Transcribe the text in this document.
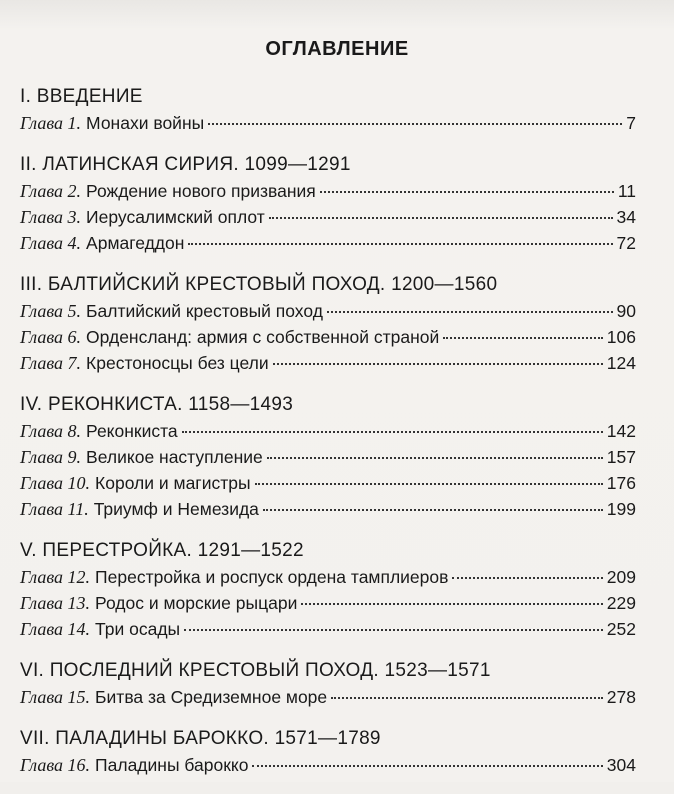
ОГЛАВЛЕНИЕ
I. ВВЕДЕНИЕ
Глава 1. Монахи войны	7
II. ЛАТИНСКАЯ СИРИЯ. 1099—1291
Глава 2. Рождение нового призвания	11
Глава 3. Иерусалимский оплот	34
Глава 4. Армагеддон	72
III. БАЛТИЙСКИЙ КРЕСТОВЫЙ ПОХОД. 1200—1560
Глава 5. Балтийский крестовый поход	90
Глава 6. Орденсланд: армия с собственной страной	106
Глава 7. Крестоносцы без цели	124
IV. РЕКОНКИСТА. 1158—1493
Глава 8. Реконкиста	142
Глава 9. Великое наступление	157
Глава 10. Короли и магистры	176
Глава 11. Триумф и Немезида	199
V. ПЕРЕСТРОЙКА. 1291—1522
Глава 12. Перестройка и роспуск ордена тамплиеров	209
Глава 13. Родос и морские рыцари	229
Глава 14. Три осады	252
VI. ПОСЛЕДНИЙ КРЕСТОВЫЙ ПОХОД. 1523—1571
Глава 15. Битва за Средиземное море	278
VII. ПАЛАДИНЫ БАРОККО. 1571—1789
Глава 16. Паладины барокко	304
